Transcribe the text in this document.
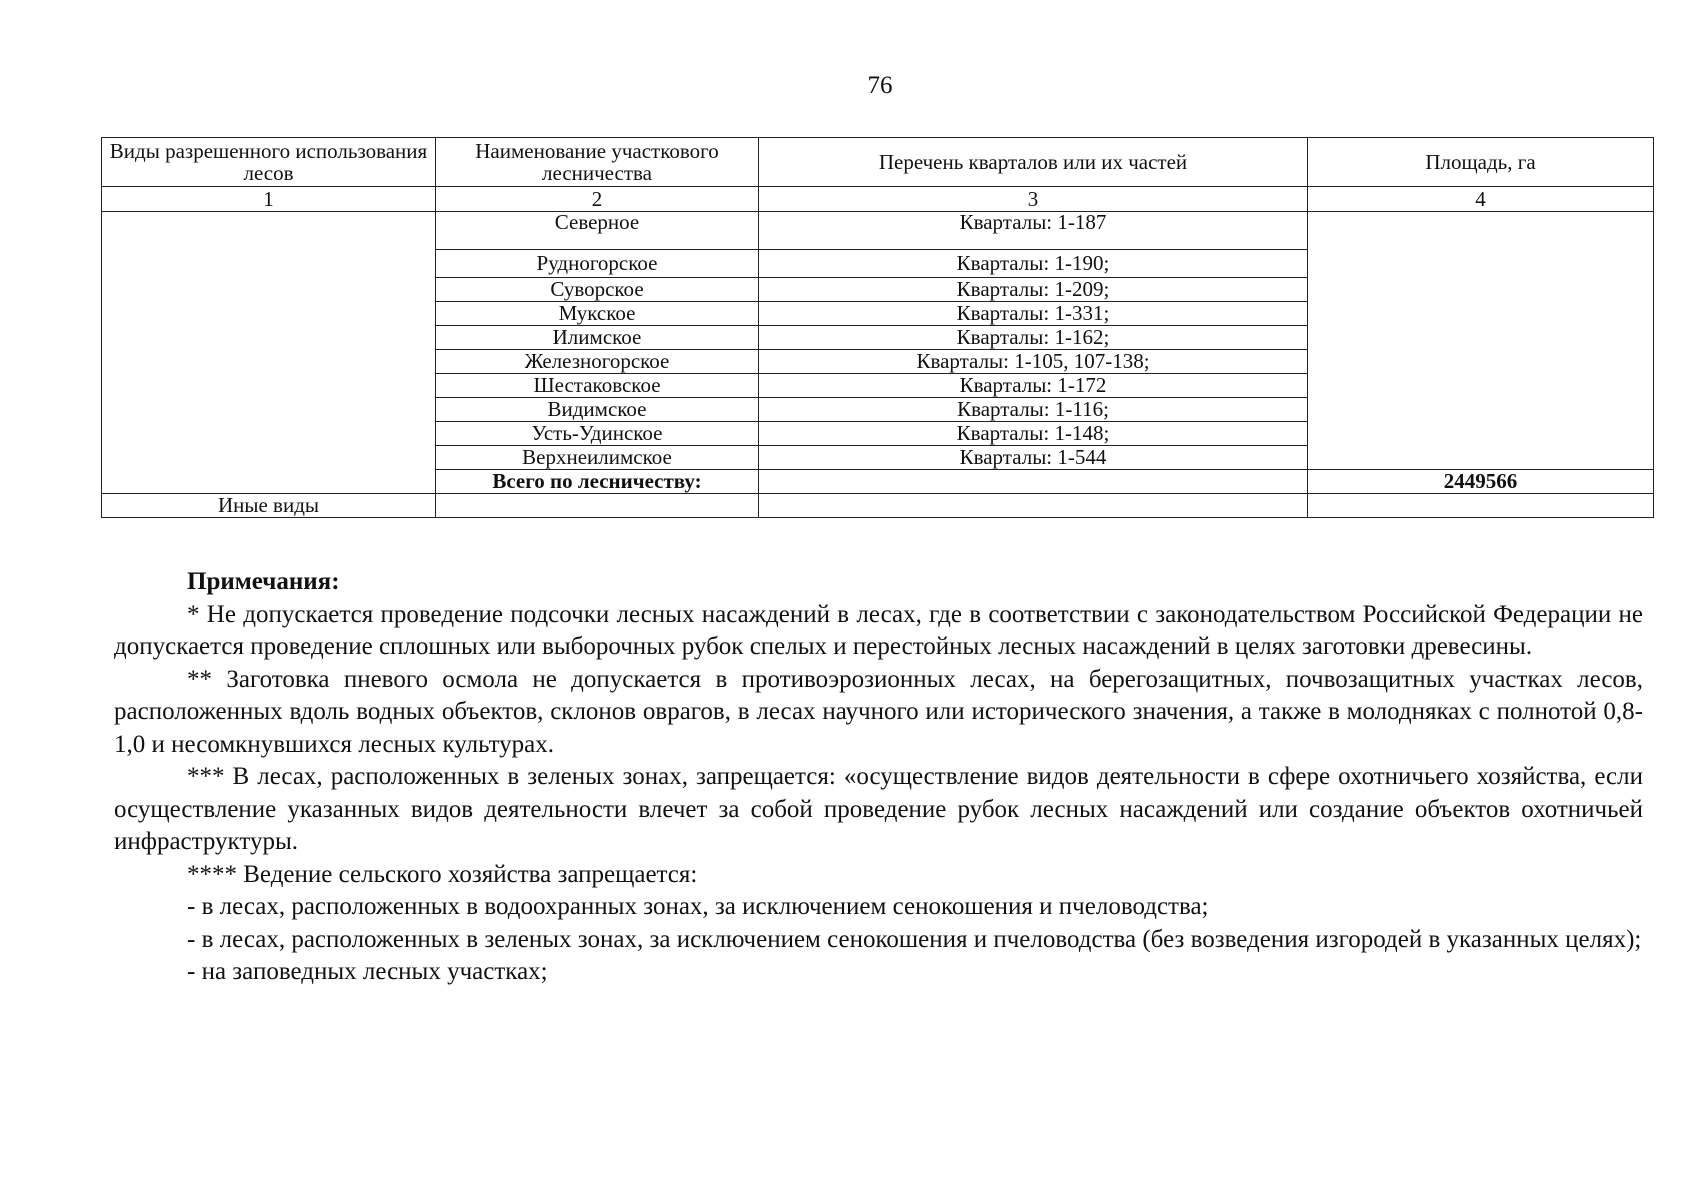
76
Виды разрешенного использования лесов	Наименование участкового лесничества	Перечень кварталов или их частей	Площадь, га
1	2	3	4
	Северное	Кварталы: 1-187	
	Рудногорское	Кварталы: 1-190;	
	Суворское	Кварталы: 1-209;	
	Мукское	Кварталы: 1-331;	
	Илимское	Кварталы: 1-162;	
	Железногорское	Кварталы: 1-105, 107-138;	
	Шестаковское	Кварталы: 1-172	
	Видимское	Кварталы: 1-116;	
	Усть-Удинское	Кварталы: 1-148;	
	Верхнеилимское	Кварталы: 1-544	
	Всего по лесничеству:		2449566
Иные виды			

Примечания:

* Не допускается проведение подсочки лесных насаждений в лесах, где в соответствии с законодательством Российской Федерации не допускается проведение сплошных или выборочных рубок спелых и перестойных лесных насаждений в целях заготовки древесины.

** Заготовка пневого осмола не допускается в противоэрозионных лесах, на берегозащитных, почвозащитных участках лесов, расположенных вдоль водных объектов, склонов оврагов, в лесах научного или исторического значения, а также в молодняках с полнотой 0,8-1,0 и несомкнувшихся лесных культурах.

*** В лесах, расположенных в зеленых зонах, запрещается: «осуществление видов деятельности в сфере охотничьего хозяйства, если осуществление указанных видов деятельности влечет за собой проведение рубок лесных насаждений или создание объектов охотничьей инфраструктуры.

**** Ведение сельского хозяйства запрещается:

- в лесах, расположенных в водоохранных зонах, за исключением сенокошения и пчеловодства;

- в лесах, расположенных в зеленых зонах, за исключением сенокошения и пчеловодства (без возведения изгородей в указанных целях);

- на заповедных лесных участках;
